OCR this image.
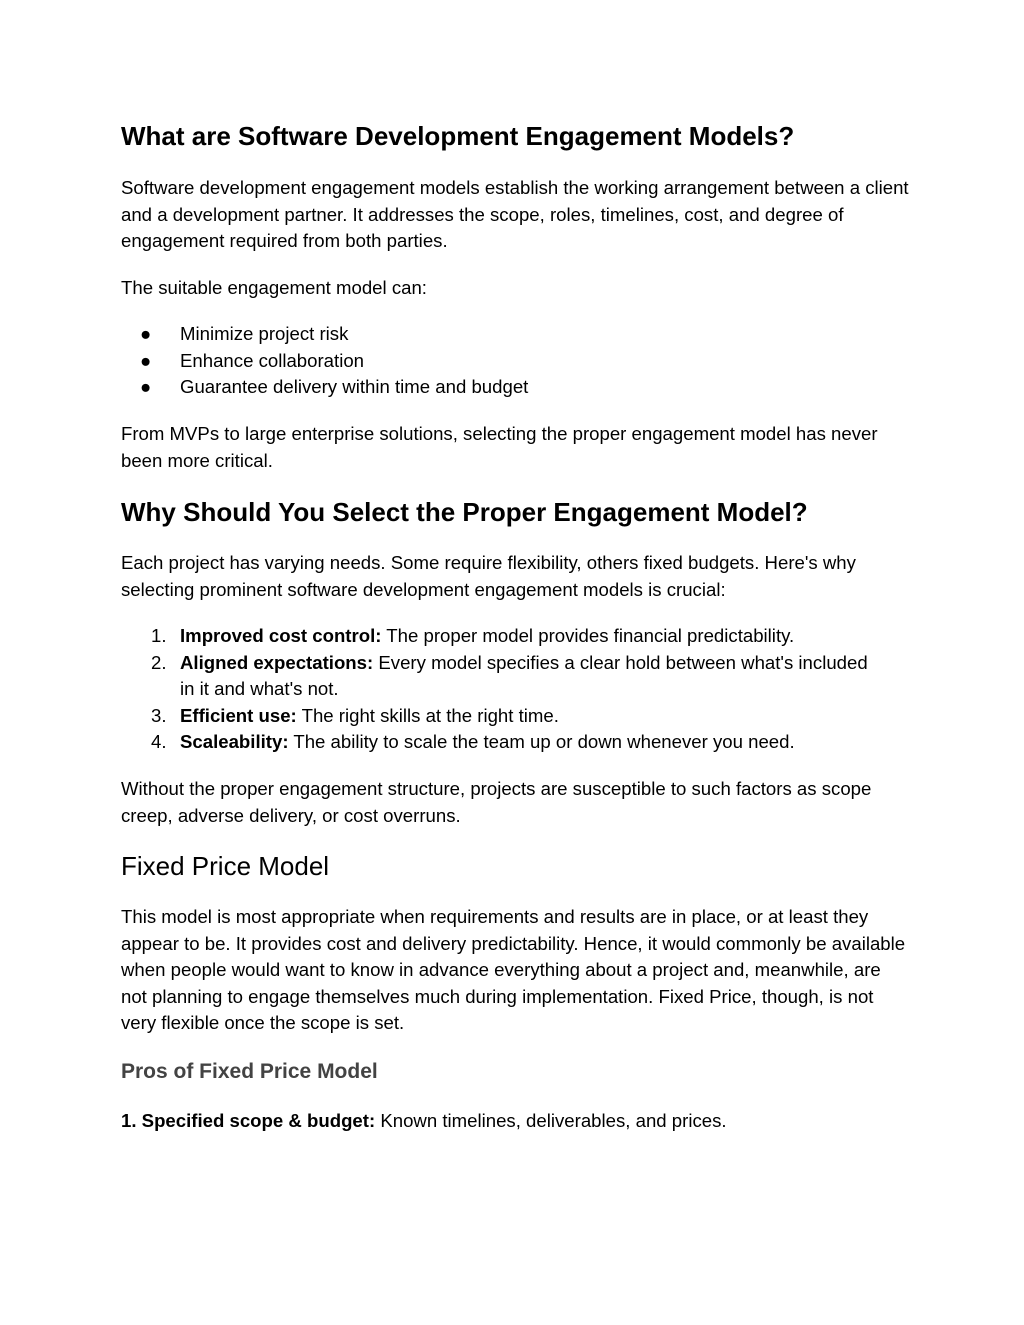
What are Software Development Engagement Models?

Software development engagement models establish the working arrangement between a client and a development partner. It addresses the scope, roles, timelines, cost, and degree of engagement required from both parties.

The suitable engagement model can:

● Minimize project risk
● Enhance collaboration
● Guarantee delivery within time and budget

From MVPs to large enterprise solutions, selecting the proper engagement model has never been more critical.

Why Should You Select the Proper Engagement Model?

Each project has varying needs. Some require flexibility, others fixed budgets. Here's why selecting prominent software development engagement models is crucial:

1. Improved cost control: The proper model provides financial predictability.
2. Aligned expectations: Every model specifies a clear hold between what's included in it and what's not.
3. Efficient use: The right skills at the right time.
4. Scaleability: The ability to scale the team up or down whenever you need.

Without the proper engagement structure, projects are susceptible to such factors as scope creep, adverse delivery, or cost overruns.

Fixed Price Model

This model is most appropriate when requirements and results are in place, or at least they appear to be. It provides cost and delivery predictability. Hence, it would commonly be available when people would want to know in advance everything about a project and, meanwhile, are not planning to engage themselves much during implementation. Fixed Price, though, is not very flexible once the scope is set.

Pros of Fixed Price Model

1. Specified scope & budget: Known timelines, deliverables, and prices.
